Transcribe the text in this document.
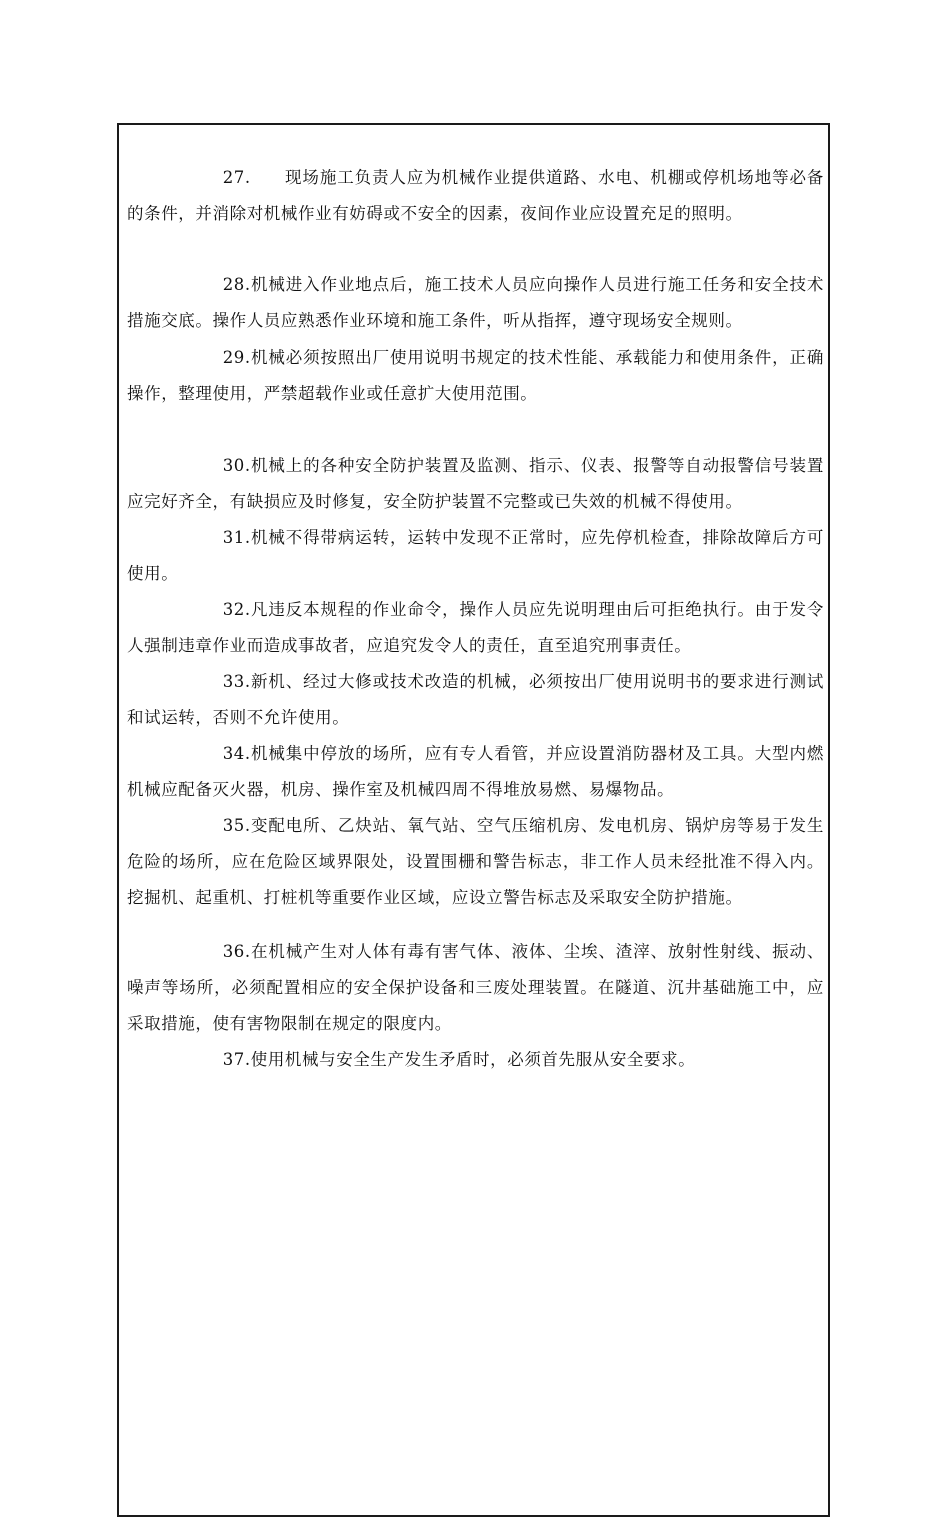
27. 现场施工负责人应为机械作业提供道路、水电、机棚或停机场地等必备的条件，并消除对机械作业有妨碍或不安全的因素，夜间作业应设置充足的照明。

28.机械进入作业地点后，施工技术人员应向操作人员进行施工任务和安全技术措施交底。操作人员应熟悉作业环境和施工条件，听从指挥，遵守现场安全规则。

29.机械必须按照出厂使用说明书规定的技术性能、承载能力和使用条件，正确操作，整理使用，严禁超载作业或任意扩大使用范围。

30.机械上的各种安全防护装置及监测、指示、仪表、报警等自动报警信号装置应完好齐全，有缺损应及时修复，安全防护装置不完整或已失效的机械不得使用。

31.机械不得带病运转，运转中发现不正常时，应先停机检查，排除故障后方可使用。

32.凡违反本规程的作业命令，操作人员应先说明理由后可拒绝执行。由于发令人强制违章作业而造成事故者，应追究发令人的责任，直至追究刑事责任。

33.新机、经过大修或技术改造的机械，必须按出厂使用说明书的要求进行测试和试运转，否则不允许使用。

34.机械集中停放的场所，应有专人看管，并应设置消防器材及工具。大型内燃机械应配备灭火器，机房、操作室及机械四周不得堆放易燃、易爆物品。

35.变配电所、乙炔站、氧气站、空气压缩机房、发电机房、锅炉房等易于发生危险的场所，应在危险区域界限处，设置围栅和警告标志，非工作人员未经批准不得入内。挖掘机、起重机、打桩机等重要作业区域，应设立警告标志及采取安全防护措施。

36.在机械产生对人体有毒有害气体、液体、尘埃、渣滓、放射性射线、振动、噪声等场所，必须配置相应的安全保护设备和三废处理装置。在隧道、沉井基础施工中，应采取措施，使有害物限制在规定的限度内。

37.使用机械与安全生产发生矛盾时，必须首先服从安全要求。
